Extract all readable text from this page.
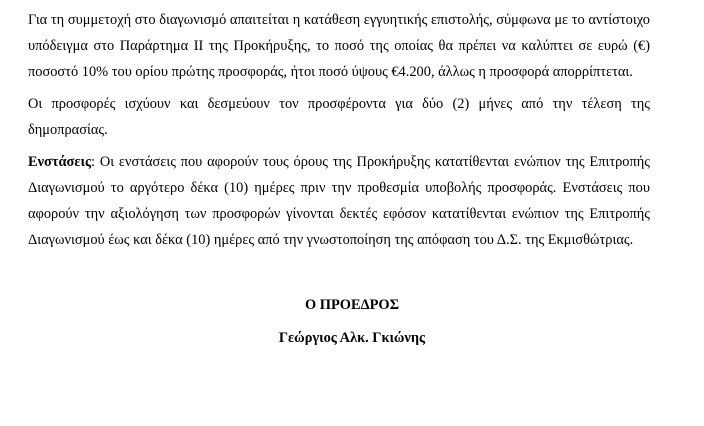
Για τη συμμετοχή στο διαγωνισμό απαιτείται η κατάθεση εγγυητικής επιστολής, σύμφωνα με το αντίστοιχο
υπόδειγμα στο Παράρτημα ΙΙ της Προκήρυξης, το ποσό της οποίας θα πρέπει να καλύπτει σε ευρώ (€)
ποσοστό 10% του ορίου πρώτης προσφοράς, ήτοι ποσό ύψους €4.200, άλλως η προσφορά απορρίπτεται.

Οι προσφορές ισχύουν και δεσμεύουν τον προσφέροντα για δύο (2) μήνες από την τέλεση της
δημοπρασίας.

Ενστάσεις: Οι ενστάσεις που αφορούν τους όρους της Προκήρυξης κατατίθενται ενώπιον της Επιτροπής
Διαγωνισμού το αργότερο δέκα (10) ημέρες πριν την προθεσμία υποβολής προσφοράς. Ενστάσεις που
αφορούν την αξιολόγηση των προσφορών γίνονται δεκτές εφόσον κατατίθενται ενώπιον της Επιτροπής
Διαγωνισμού έως και δέκα (10) ημέρες από την γνωστοποίηση της απόφαση του Δ.Σ. της Εκμισθώτριας.

Ο ΠΡΟΕΔΡΟΣ
Γεώργιος Αλκ. Γκιώνης
